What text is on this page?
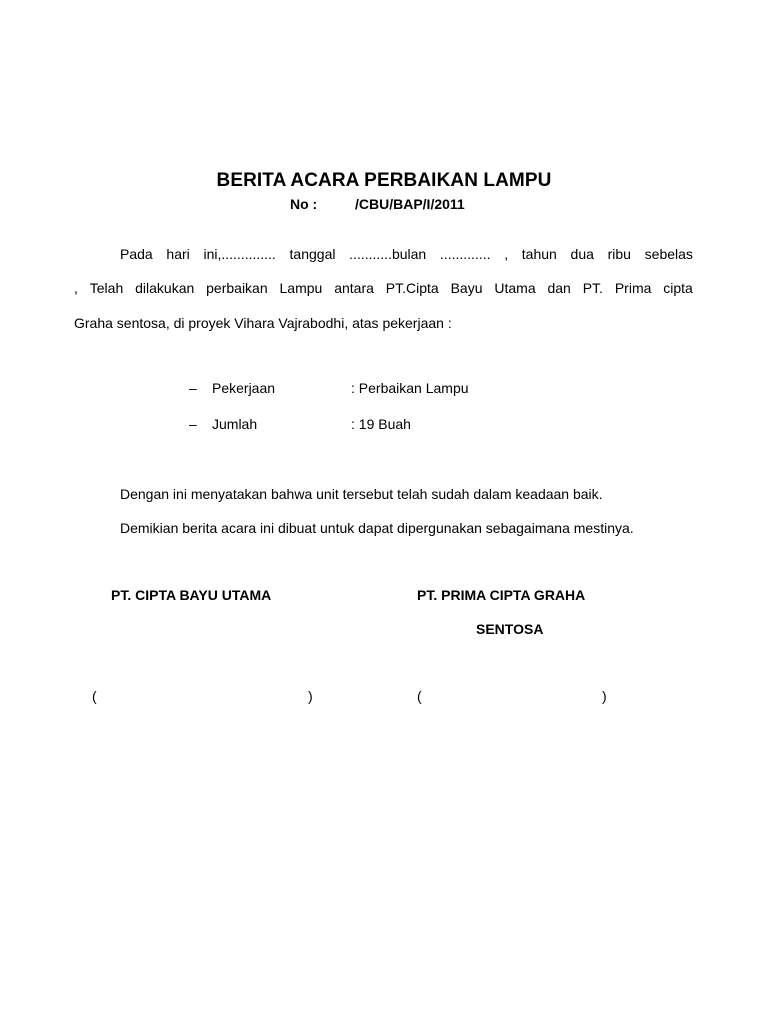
BERITA ACARA PERBAIKAN LAMPU
No :	/CBU/BAP/I/2011
Pada hari ini,.............. tanggal ...........bulan ............. , tahun dua ribu sebelas
, Telah dilakukan perbaikan Lampu antara PT.Cipta Bayu Utama dan PT. Prima cipta
Graha sentosa, di proyek Vihara Vajrabodhi, atas pekerjaan :
– Pekerjaan	: Perbaikan Lampu
– Jumlah	: 19 Buah
Dengan ini menyatakan bahwa unit tersebut telah sudah dalam keadaan baik.
Demikian berita acara ini dibuat untuk dapat dipergunakan sebagaimana mestinya.
PT. CIPTA BAYU UTAMA	PT. PRIMA CIPTA GRAHA
SENTOSA
(	)	(	)
